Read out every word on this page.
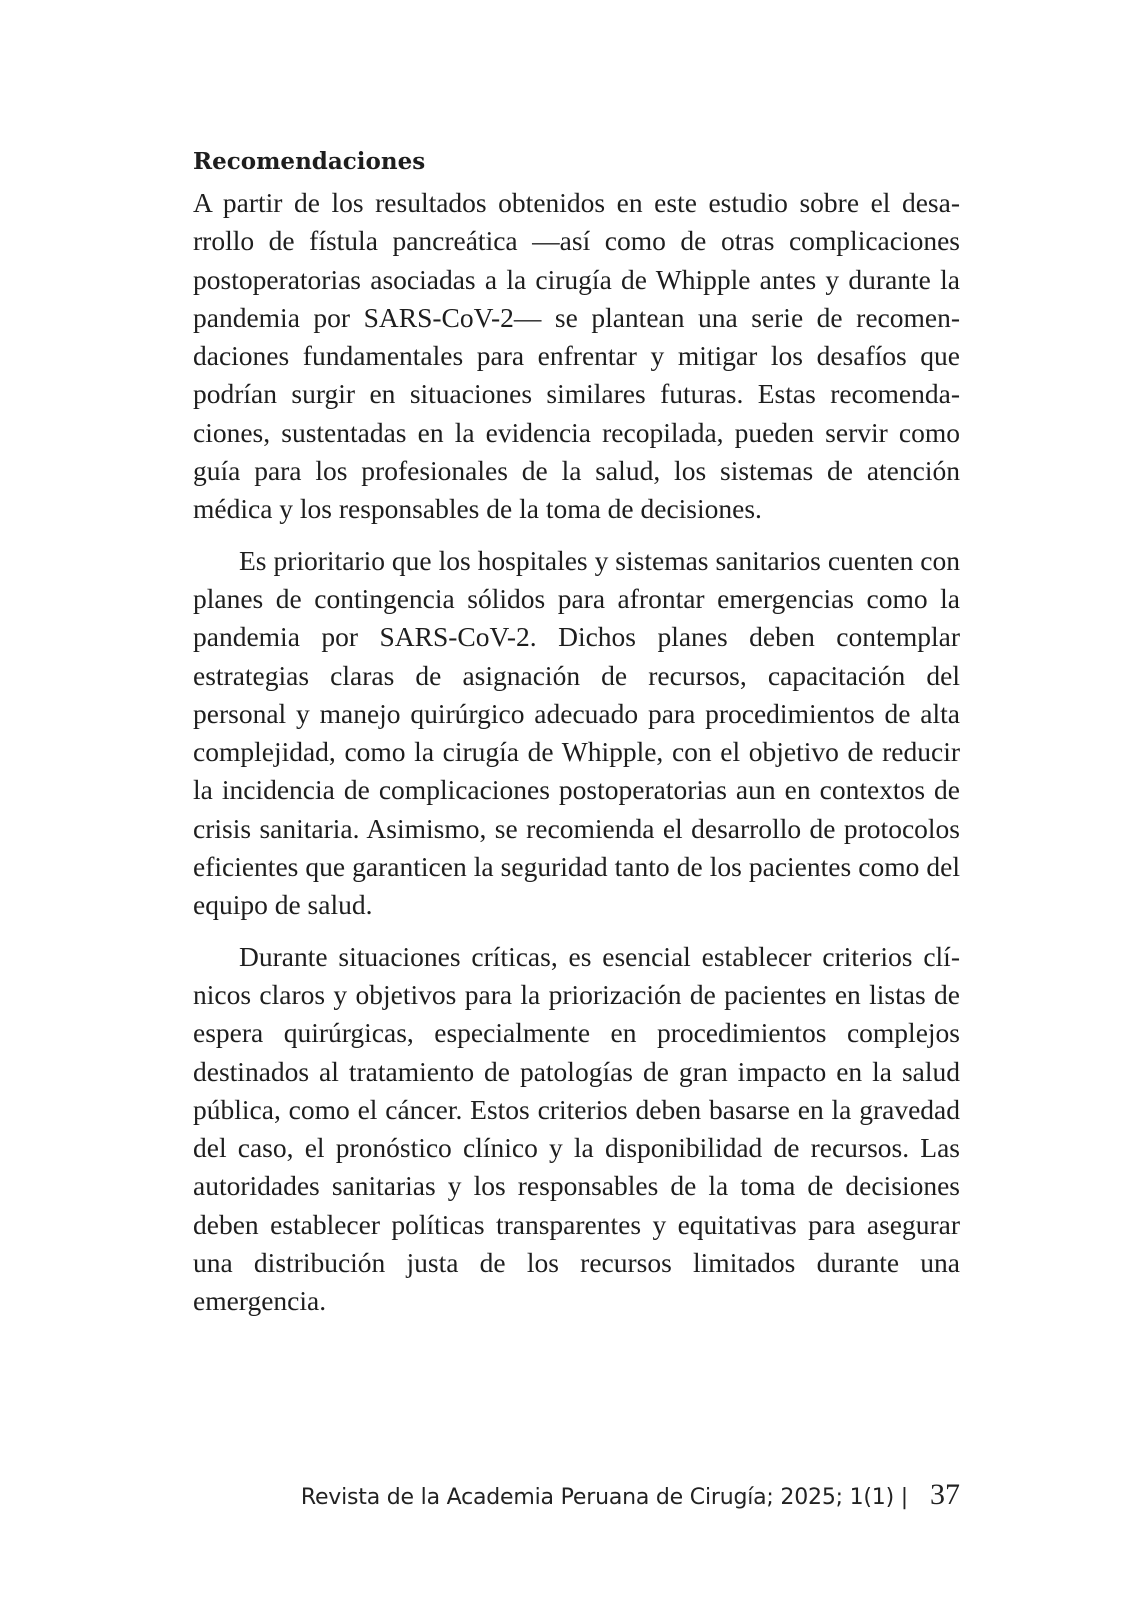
Recomendaciones

A partir de los resultados obtenidos en este estudio sobre el desarrollo de fístula pancreática —así como de otras complicaciones postoperatorias asociadas a la cirugía de Whipple antes y durante la pandemia por SARS-CoV-2— se plantean una serie de recomendaciones fundamentales para enfrentar y mitigar los desafíos que podrían surgir en situaciones similares futuras. Estas recomendaciones, sustentadas en la evidencia recopilada, pueden servir como guía para los profesionales de la salud, los sistemas de atención médica y los responsables de la toma de decisiones.

Es prioritario que los hospitales y sistemas sanitarios cuenten con planes de contingencia sólidos para afrontar emergencias como la pandemia por SARS-CoV-2. Dichos planes deben contemplar estrategias claras de asignación de recursos, capacitación del personal y manejo quirúrgico adecuado para procedimientos de alta complejidad, como la cirugía de Whipple, con el objetivo de reducir la incidencia de complicaciones postoperatorias aun en contextos de crisis sanitaria. Asimismo, se recomienda el desarrollo de protocolos eficientes que garanticen la seguridad tanto de los pacientes como del equipo de salud.

Durante situaciones críticas, es esencial establecer criterios clínicos claros y objetivos para la priorización de pacientes en listas de espera quirúrgicas, especialmente en procedimientos complejos destinados al tratamiento de patologías de gran impacto en la salud pública, como el cáncer. Estos criterios deben basarse en la gravedad del caso, el pronóstico clínico y la disponibilidad de recursos. Las autoridades sanitarias y los responsables de la toma de decisiones deben establecer políticas transparentes y equitativas para asegurar una distribución justa de los recursos limitados durante una emergencia.

Revista de la Academia Peruana de Cirugía; 2025; 1(1) | 37
